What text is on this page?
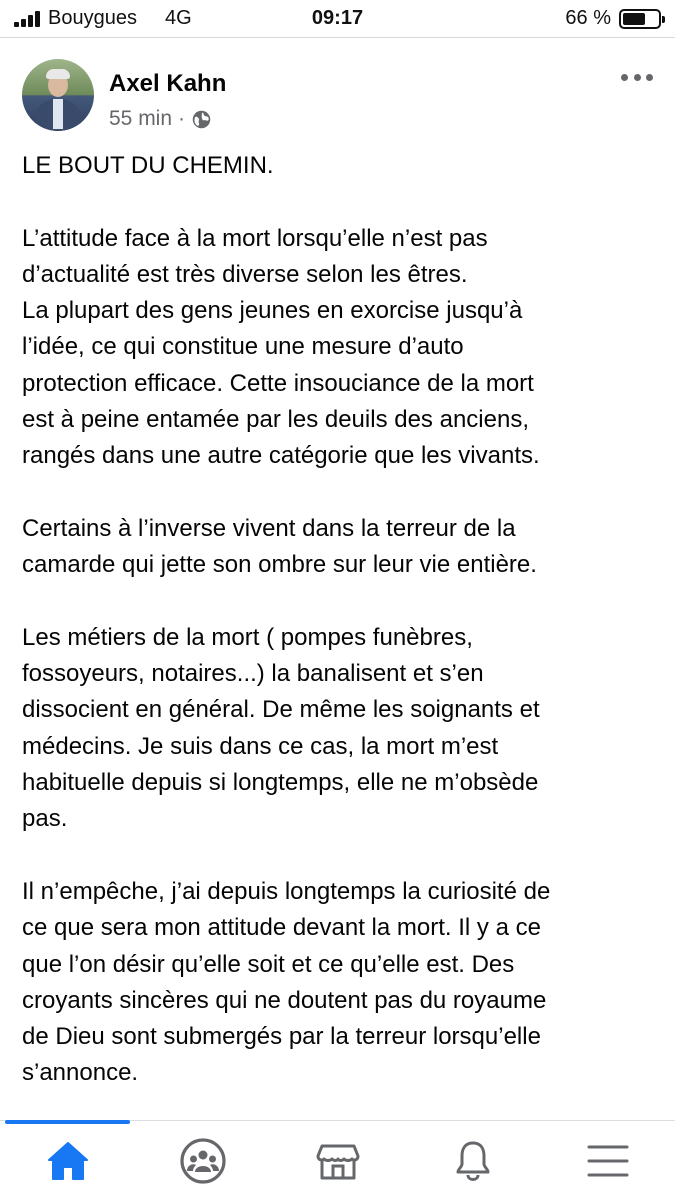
Bouygues 4G	09:17	66 %
Axel Kahn
55 min ·

LE BOUT DU CHEMIN.

L’attitude face à la mort lorsqu’elle n’est pas
d’actualité est très diverse selon les êtres.
La plupart des gens jeunes en exorcise jusqu’à
l’idée, ce qui constitue une mesure d’auto
protection efficace. Cette insouciance de la mort
est à peine entamée par les deuils des anciens,
rangés dans une autre catégorie que les vivants.

Certains à l’inverse vivent dans la terreur de la
camarde qui jette son ombre sur leur vie entière.

Les métiers de la mort ( pompes funèbres,
fossoyeurs, notaires...) la banalisent et s’en
dissocient en général. De même les soignants et
médecins. Je suis dans ce cas, la mort m’est
habituelle depuis si longtemps, elle ne m’obsède
pas.

Il n’empêche, j’ai depuis longtemps la curiosité de
ce que sera mon attitude devant la mort. Il y a ce
que l’on désir qu’elle soit et ce qu’elle est. Des
croyants sincères qui ne doutent pas du royaume
de Dieu sont submergés par la terreur lorsqu’elle
s’annonce.
